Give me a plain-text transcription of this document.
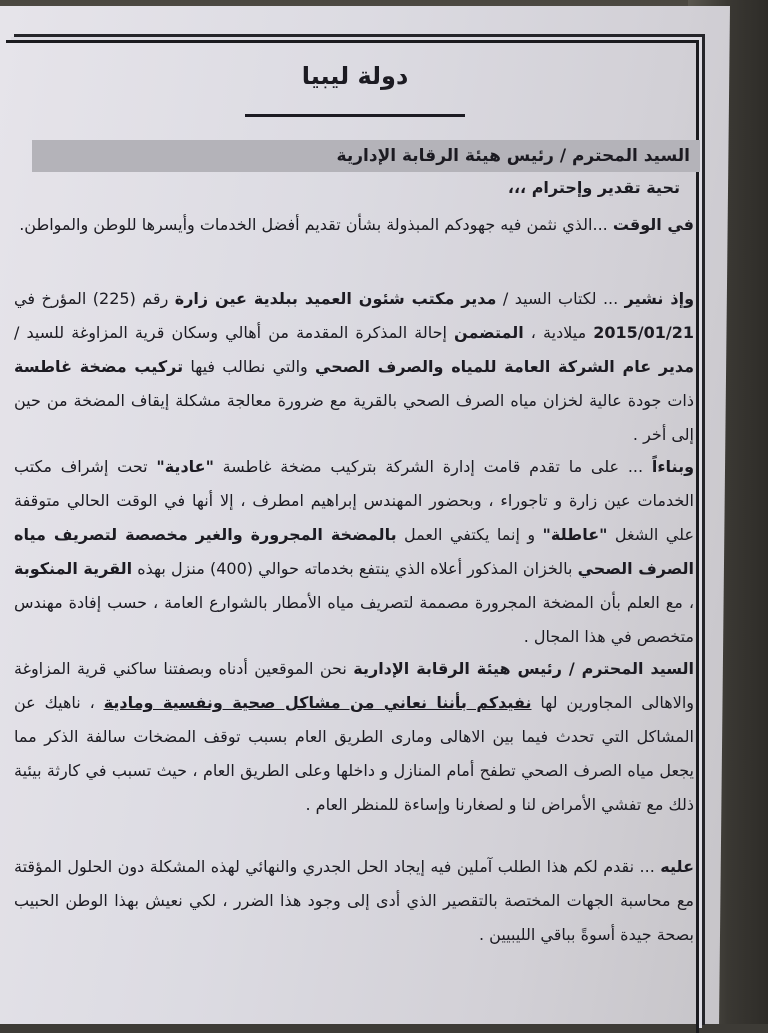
دولة ليبيا
السيد المحترم / رئيس هيئة الرقابة الإدارية
تحية تقدير وإحترام ،،،

في الوقت ...الذي نثمن فيه جهودكم المبذولة بشأن تقديم أفضل الخدمات وأيسرها للوطن والمواطن.

وإذ نشير ... لكتاب السيد / مدير مكتب شئون العميد ببلدية عين زارة رقم (225) المؤرخ في 2015/01/21 ميلادية ، المتضمن إحالة المذكرة المقدمة من أهالي وسكان قرية المزاوغة للسيد / مدير عام الشركة العامة للمياه والصرف الصحي والتي نطالب فيها تركيب مضخة غاطسة ذات جودة عالية لخزان مياه الصرف الصحي بالقرية مع ضرورة معالجة مشكلة إيقاف المضخة من حين إلى أخر .

وبناءاً ... على ما تقدم قامت إدارة الشركة بتركيب مضخة غاطسة "عادية" تحت إشراف مكتب الخدمات عين زارة و تاجوراء ، وبحضور المهندس إبراهيم امطرف ، إلا أنها في الوقت الحالي متوقفة علي الشغل "عاطلة" و إنما يكتفي العمل بالمضخة المجرورة والغير مخصصة لتصريف مياه الصرف الصحي بالخزان المذكور أعلاه الذي ينتفع بخدماته حوالي (400) منزل بهذه القرية المنكوبة ، مع العلم بأن المضخة المجرورة مصممة لتصريف مياه الأمطار بالشوارع العامة ، حسب إفادة مهندس متخصص في هذا المجال .

السيد المحترم / رئيس هيئة الرقابة الإدارية نحن الموقعين أدناه وبصفتنا ساكني قرية المزاوغة والاهالى المجاورين لها نفيدكم بأننا نعاني من مشاكل صحية ونفسية ومادية ، ناهيك عن المشاكل التي تحدث فيما بين الاهالى ومارى الطريق العام بسبب توقف المضخات سالفة الذكر مما يجعل مياه الصرف الصحي تطفح أمام المنازل و داخلها وعلى الطريق العام ، حيث تسبب في كارثة بيئية ذلك مع تفشي الأمراض لنا و لصغارنا وإساءة للمنظر العام .

عليه ... نقدم لكم هذا الطلب آملين فيه إيجاد الحل الجدري والنهائي لهذه المشكلة دون الحلول المؤقتة مع محاسبة الجهات المختصة بالتقصير الذي أدى إلى وجود هذا الضرر ، لكي نعيش بهذا الوطن الحبيب بصحة جيدة أسوةً بباقي الليبيين .
